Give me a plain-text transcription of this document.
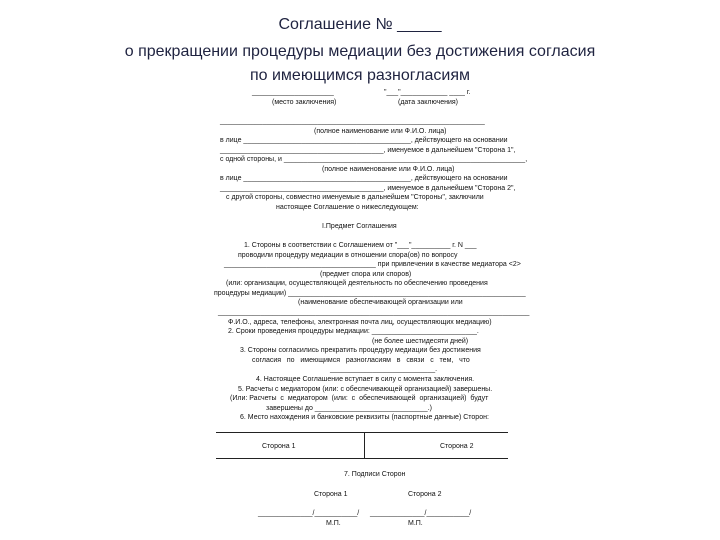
Соглашение № _____
о прекращении процедуры медиации без достижения согласия
по имеющимся разногласиям
_____________________	"___"____________ ____ г.
(место заключения)	(дата заключения)
____________________________________________________________________
(полное наименование или Ф.И.О. лица)
в лице ___________________________________________, действующего на основании
__________________________________________, именуемое в дальнейшем "Сторона 1",
с одной стороны, и ______________________________________________________________,
(полное наименование или Ф.И.О. лица)
в лице ___________________________________________, действующего на основании
__________________________________________, именуемое в дальнейшем "Сторона 2",
с другой стороны, совместно именуемые в дальнейшем "Стороны", заключили
настоящее Соглашение о нижеследующем:
I.Предмет Соглашения
1. Стороны в соответствии с Соглашением от "___"__________ г. N ___
проводили процедуру медиации в отношении спора(ов) по вопросу
_______________________________________ при привлечении в качестве медиатора <2>
(предмет спора или споров)
(или: организации, осуществляющей деятельность по обеспечению проведения
процедуры медиации) _____________________________________________________________
(наименование обеспечивающей организации или
________________________________________________________________________________
Ф.И.О., адреса, телефоны, электронная почта лиц, осуществляющих медиацию)
2. Сроки проведения процедуры медиации: ___________________________.
(не более шестидесяти дней)
3. Стороны согласились прекратить процедуру медиации без достижения
согласия   по   имеющимся   разногласиям   в   связи   с   тем,   что
___________________________.
4. Настоящее Соглашение вступает в силу с момента заключения.
5. Расчеты с медиатором (или: с обеспечивающей организацией) завершены.
(Или: Расчеты  с  медиатором  (или:  с  обеспечивающей  организацией)  будут
завершены до _____________________________.)
6. Место нахождения и банковские реквизиты (паспортные данные) Сторон:
Сторона 1	Сторона 2
7. Подписи Сторон
Сторона 1	Сторона 2
______________/___________/ ______________/___________/
М.П.	М.П.
